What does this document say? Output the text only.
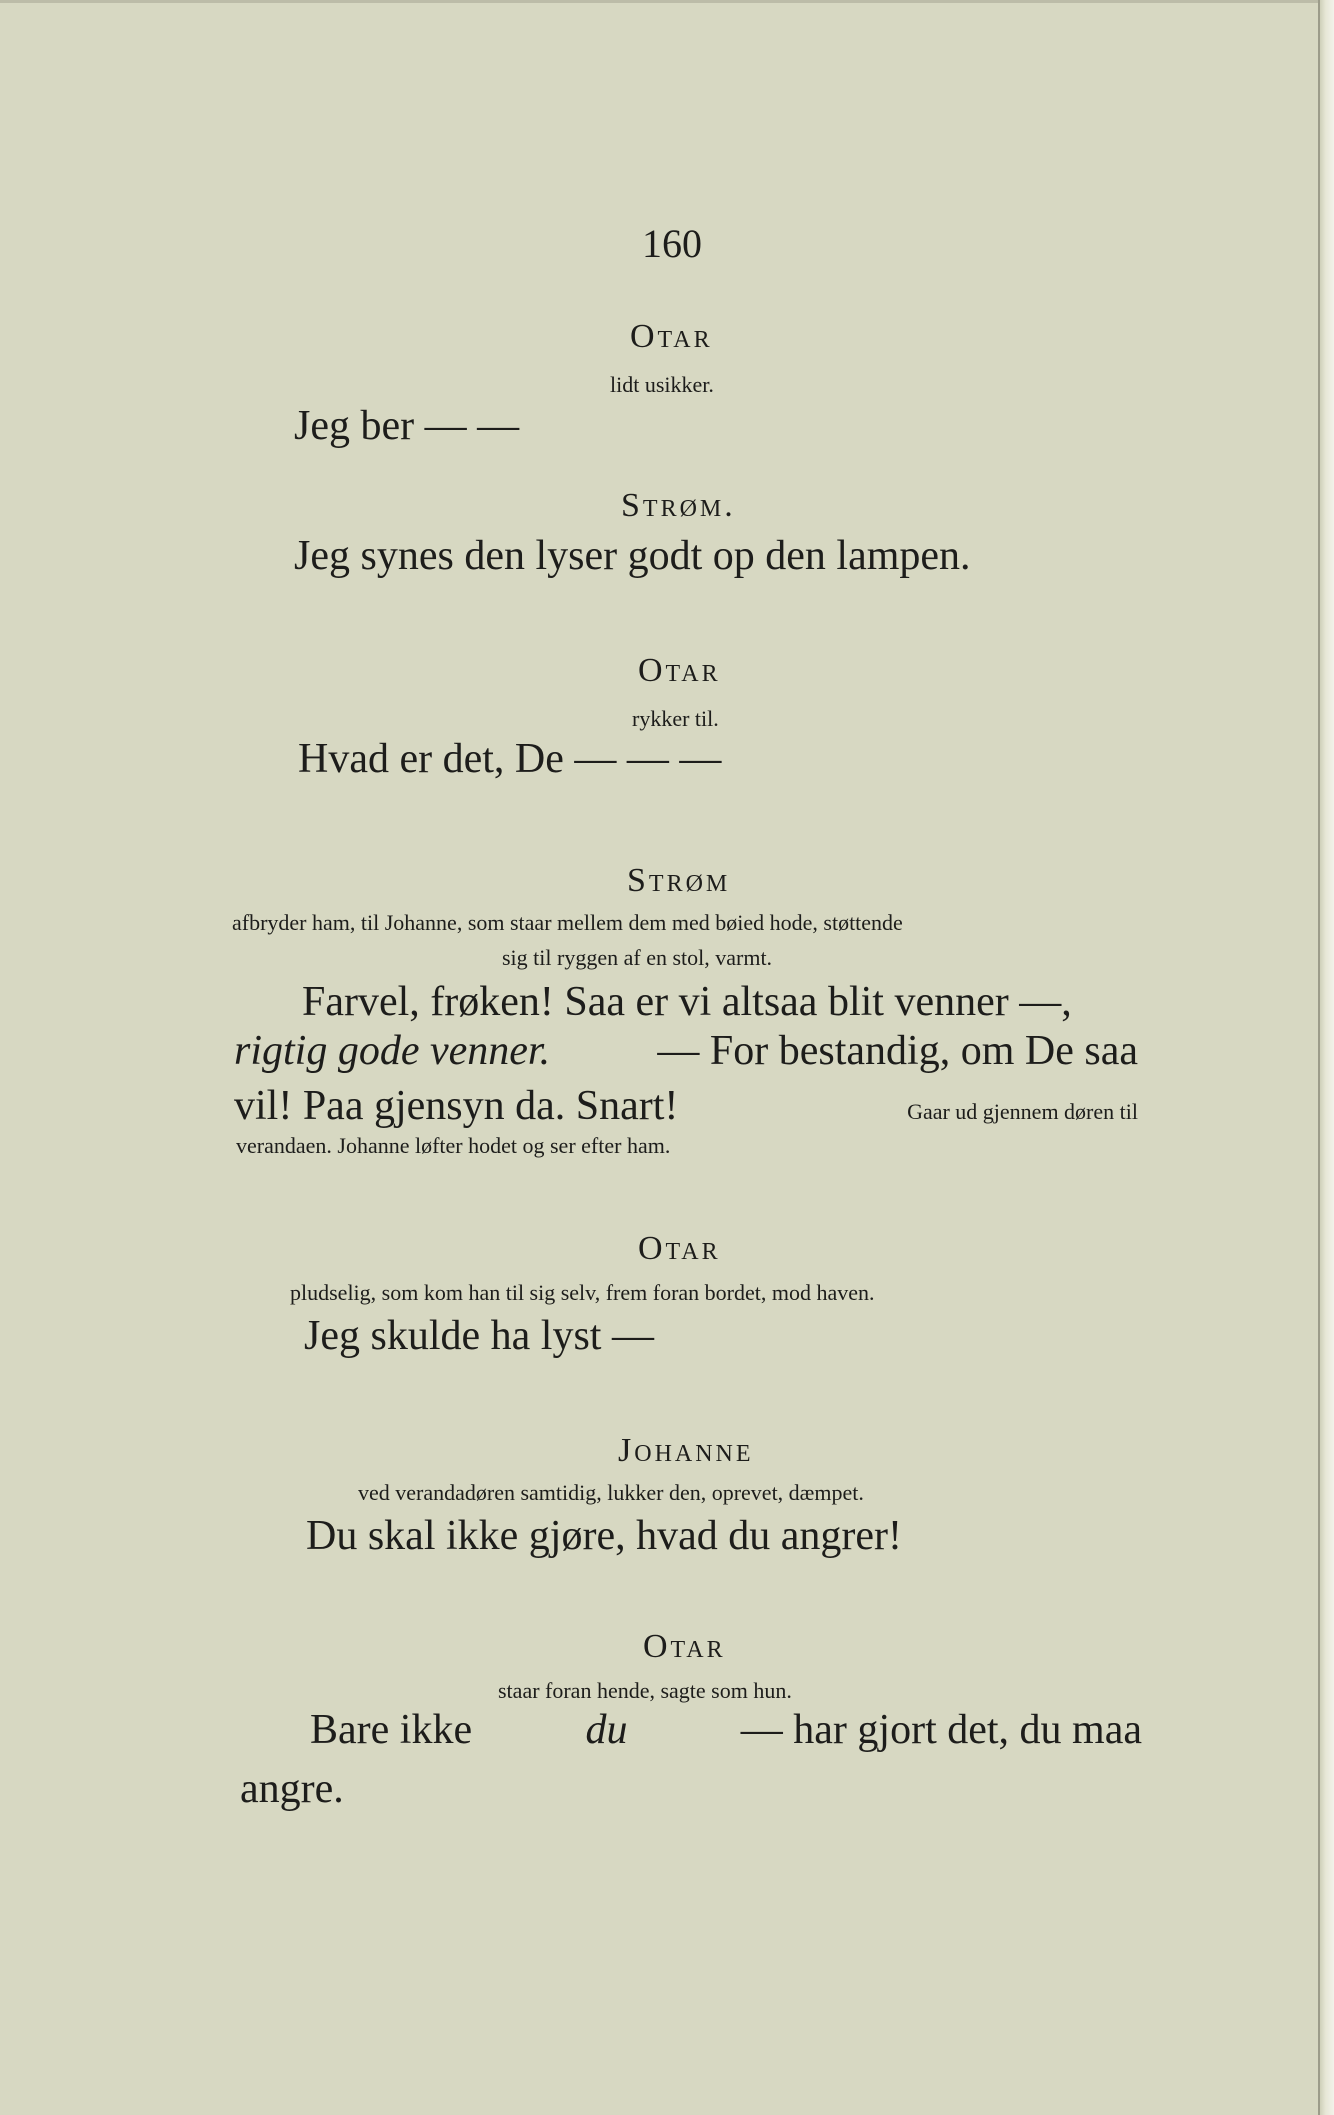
160
Otar
lidt usikker.
Jeg ber — —
Strøm.
Jeg synes den lyser godt op den lampen.
Otar
rykker til.
Hvad er det, De — — —
Strøm
afbryder ham, til Johanne, som staar mellem dem med bøied hode, støttende
sig til ryggen af en stol, varmt.
Farvel, frøken! Saa er vi altsaa blit venner —,
rigtig gode venner.	— For bestandig, om De saa
vil! Paa gjensyn da. Snart!	Gaar ud gjennem døren til
verandaen. Johanne løfter hodet og ser efter ham.
Otar
pludselig, som kom han til sig selv, frem foran bordet, mod haven.
Jeg skulde ha lyst —
Johanne
ved verandadøren samtidig, lukker den, oprevet, dæmpet.
Du skal ikke gjøre, hvad du angrer!
Otar
staar foran hende, sagte som hun.
Bare ikke	du	— har gjort det, du maa
angre.
